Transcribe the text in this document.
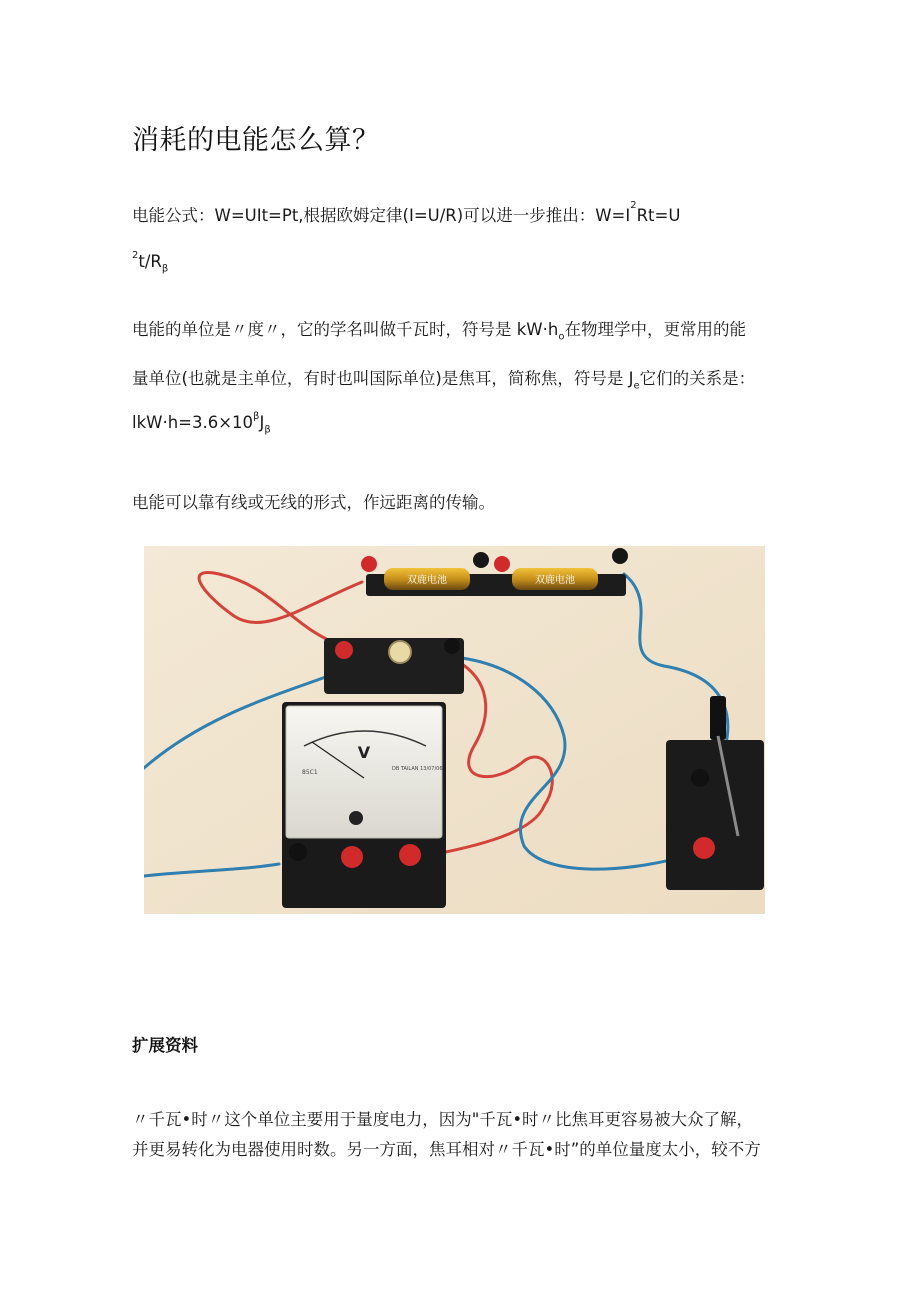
消耗的电能怎么算？
电能公式：W=UIt=Pt,根据欧姆定律(I=U/R)可以进一步推出：$W=I^2Rt=U$
$^2t/R_\beta$
电能的单位是〃度〃，它的学名叫做千瓦时，符号是 $kW\cdot h_o$在物理学中，更常用的能
量单位(也就是主单位，有时也叫国际单位)是焦耳，简称焦，符号是 $J_e$它们的关系是：
$lkW\cdot h=3.6\times 10^\beta J_\beta$
电能可以靠有线或无线的形式，作远距离的传输。
双鹿电池	双鹿电池
V
85C1	DB TAILAN 13/07/06
扩展资料
〃千瓦•时〃这个单位主要用于量度电力，因为"千瓦•时〃比焦耳更容易被大众了解，
并更易转化为电器使用时数。另一方面，焦耳相对〃千瓦•时”的单位量度太小，较不方
